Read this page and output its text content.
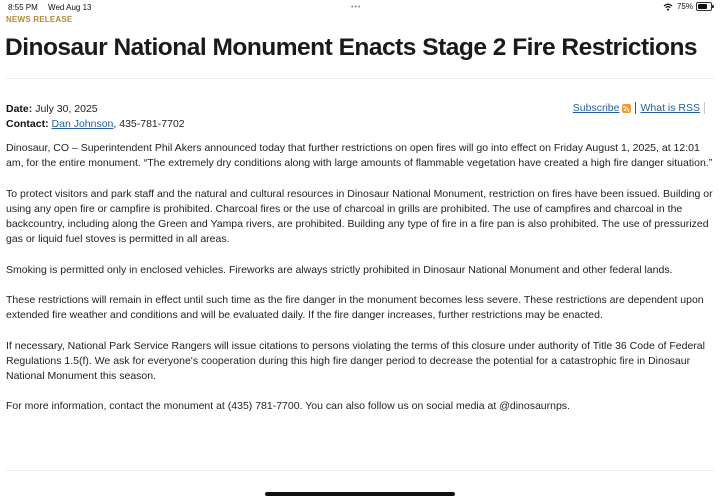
8:55 PM Wed Aug 13	•••	75%
NEWS RELEASE
Dinosaur National Monument Enacts Stage 2 Fire Restrictions
Date: July 30, 2025
Contact: Dan Johnson, 435-781-7702
Subscribe What is RSS

Dinosaur, CO – Superintendent Phil Akers announced today that further restrictions on open fires will go into effect on Friday August 1, 2025, at 12:01 am, for the entire monument. “The extremely dry conditions along with large amounts of flammable vegetation have created a high fire danger situation.”

To protect visitors and park staff and the natural and cultural resources in Dinosaur National Monument, restriction on fires have been issued. Building or using any open fire or campfire is prohibited. Charcoal fires or the use of charcoal in grills are prohibited. The use of campfires and charcoal in the backcountry, including along the Green and Yampa rivers, are prohibited. Building any type of fire in a fire pan is also prohibited. The use of pressurized gas or liquid fuel stoves is permitted in all areas.

Smoking is permitted only in enclosed vehicles. Fireworks are always strictly prohibited in Dinosaur National Monument and other federal lands.

These restrictions will remain in effect until such time as the fire danger in the monument becomes less severe. These restrictions are dependent upon extended fire weather and conditions and will be evaluated daily. If the fire danger increases, further restrictions may be enacted.

If necessary, National Park Service Rangers will issue citations to persons violating the terms of this closure under authority of Title 36 Code of Federal Regulations 1.5(f). We ask for everyone's cooperation during this high fire danger period to decrease the potential for a catastrophic fire in Dinosaur National Monument this season.

For more information, contact the monument at (435) 781-7700. You can also follow us on social media at @dinosaurnps.
